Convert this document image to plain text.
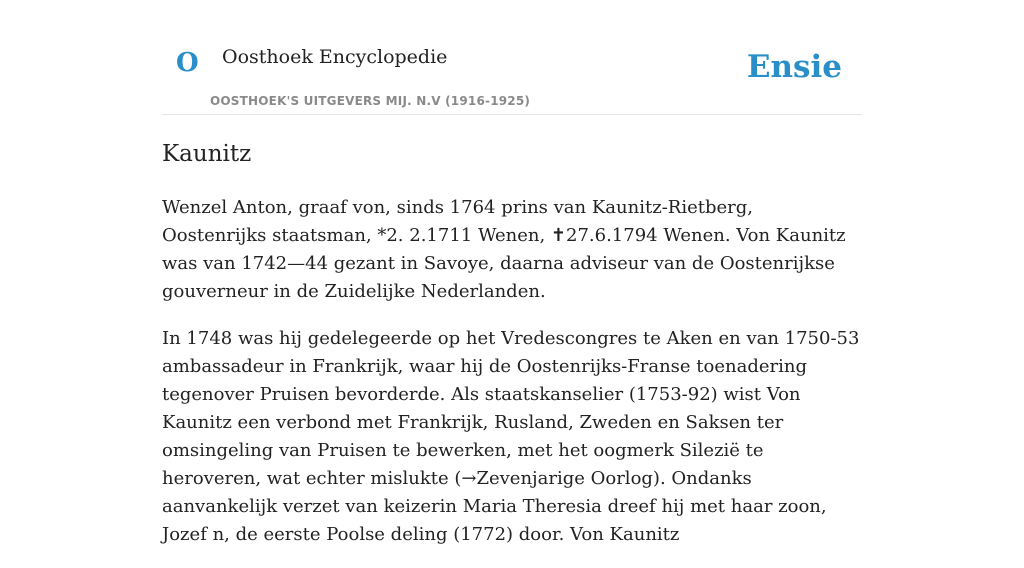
O Oosthoek Encyclopedie
OOSTHOEK'S UITGEVERS MIJ. N.V (1916-1925)
Ensie
Kaunitz

Wenzel Anton, graaf von, sinds 1764 prins van Kaunitz-Rietberg, Oostenrijks staatsman, *2. 2.1711 Wenen, ✝27.6.1794 Wenen. Von Kaunitz was van 1742—44 gezant in Savoye, daarna adviseur van de Oostenrijkse gouverneur in de Zuidelijke Nederlanden.

In 1748 was hij gedelegeerde op het Vredescongres te Aken en van 1750-53 ambassadeur in Frankrijk, waar hij de Oostenrijks-Franse toenadering tegenover Pruisen bevorderde. Als staatskanselier (1753-92) wist Von Kaunitz een verbond met Frankrijk, Rusland, Zweden en Saksen ter omsingeling van Pruisen te bewerken, met het oogmerk Silezië te heroveren, wat echter mislukte (→Zevenjarige Oorlog). Ondanks aanvankelijk verzet van keizerin Maria Theresia dreef hij met haar zoon, Jozef n, de eerste Poolse deling (1772) door. Von Kaunitz
